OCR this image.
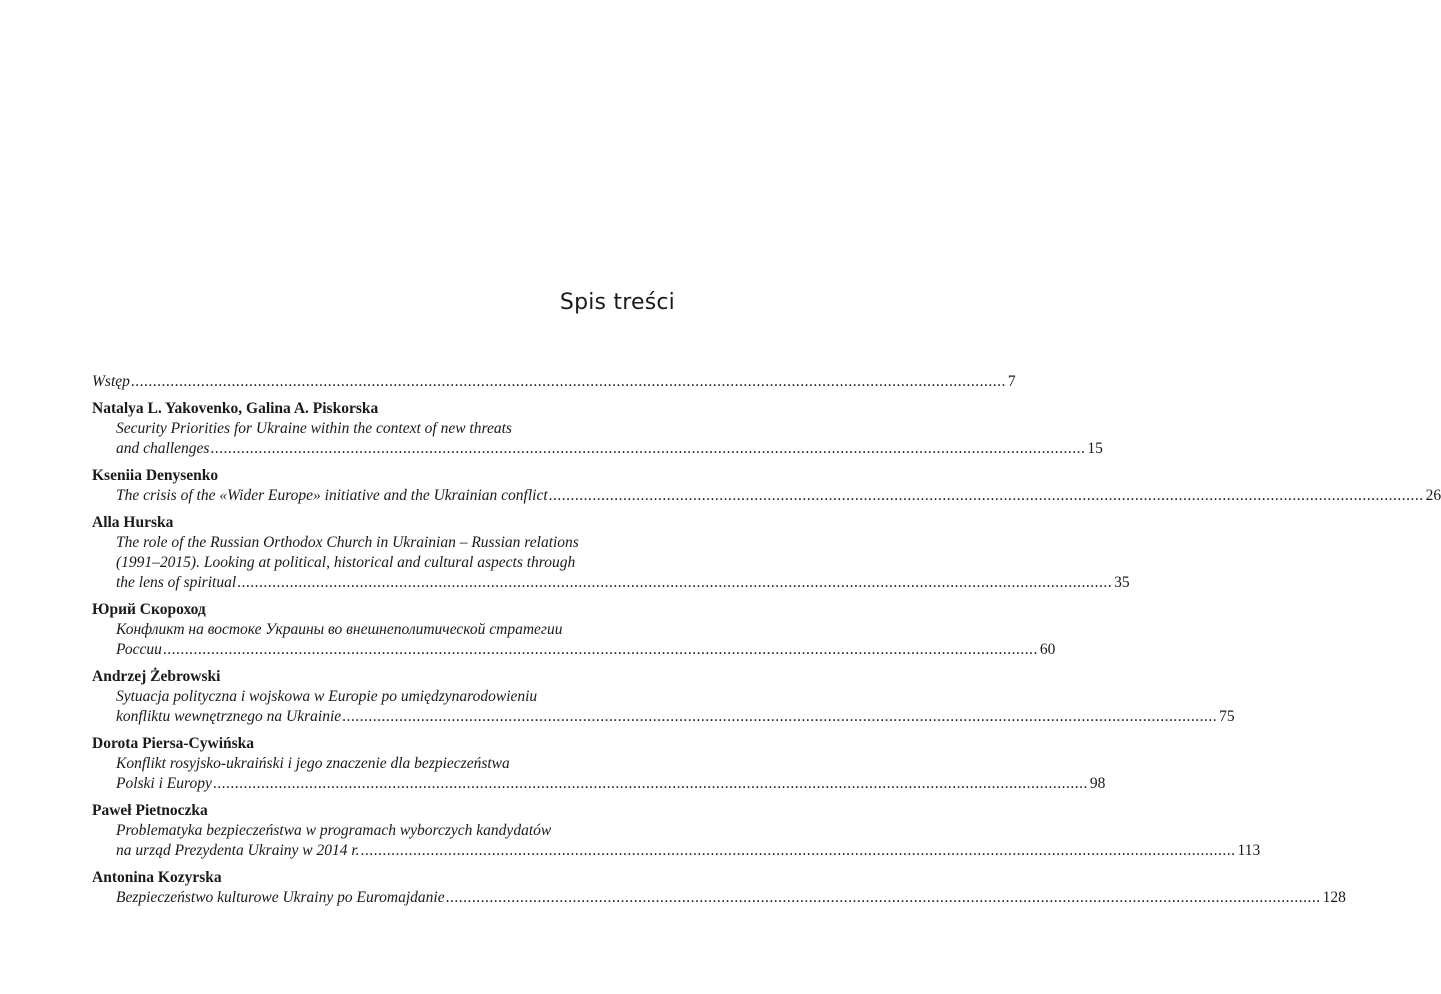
Spis treści
Wstęp ........................................................................................................................................................................................................ 7
Natalya L. Yakovenko, Galina A. Piskorska
Security Priorities for Ukraine within the context of new threats
and challenges ........................................................................................................................................................................................................ 15
Kseniia Denysenko
The crisis of the «Wider Europe» initiative and the Ukrainian conflict ........................................................................................................................................................................................................ 26
Alla Hurska
The role of the Russian Orthodox Church in Ukrainian – Russian relations
(1991–2015). Looking at political, historical and cultural aspects through
the lens of spiritual ........................................................................................................................................................................................................ 35
Юрий Скороход
Конфликт на востоке Украины во внешнеполитической стратегии
России ........................................................................................................................................................................................................ 60
Andrzej Żebrowski
Sytuacja polityczna i wojskowa w Europie po umiędzynarodowieniu
konfliktu wewnętrznego na Ukrainie ........................................................................................................................................................................................................ 75
Dorota Piersa-Cywińska
Konflikt rosyjsko-ukraiński i jego znaczenie dla bezpieczeństwa
Polski i Europy ........................................................................................................................................................................................................ 98
Paweł Pietnoczka
Problematyka bezpieczeństwa w programach wyborczych kandydatów
na urząd Prezydenta Ukrainy w 2014 r. ........................................................................................................................................................................................................ 113
Antonina Kozyrska
Bezpieczeństwo kulturowe Ukrainy po Euromajdanie ........................................................................................................................................................................................................ 128
